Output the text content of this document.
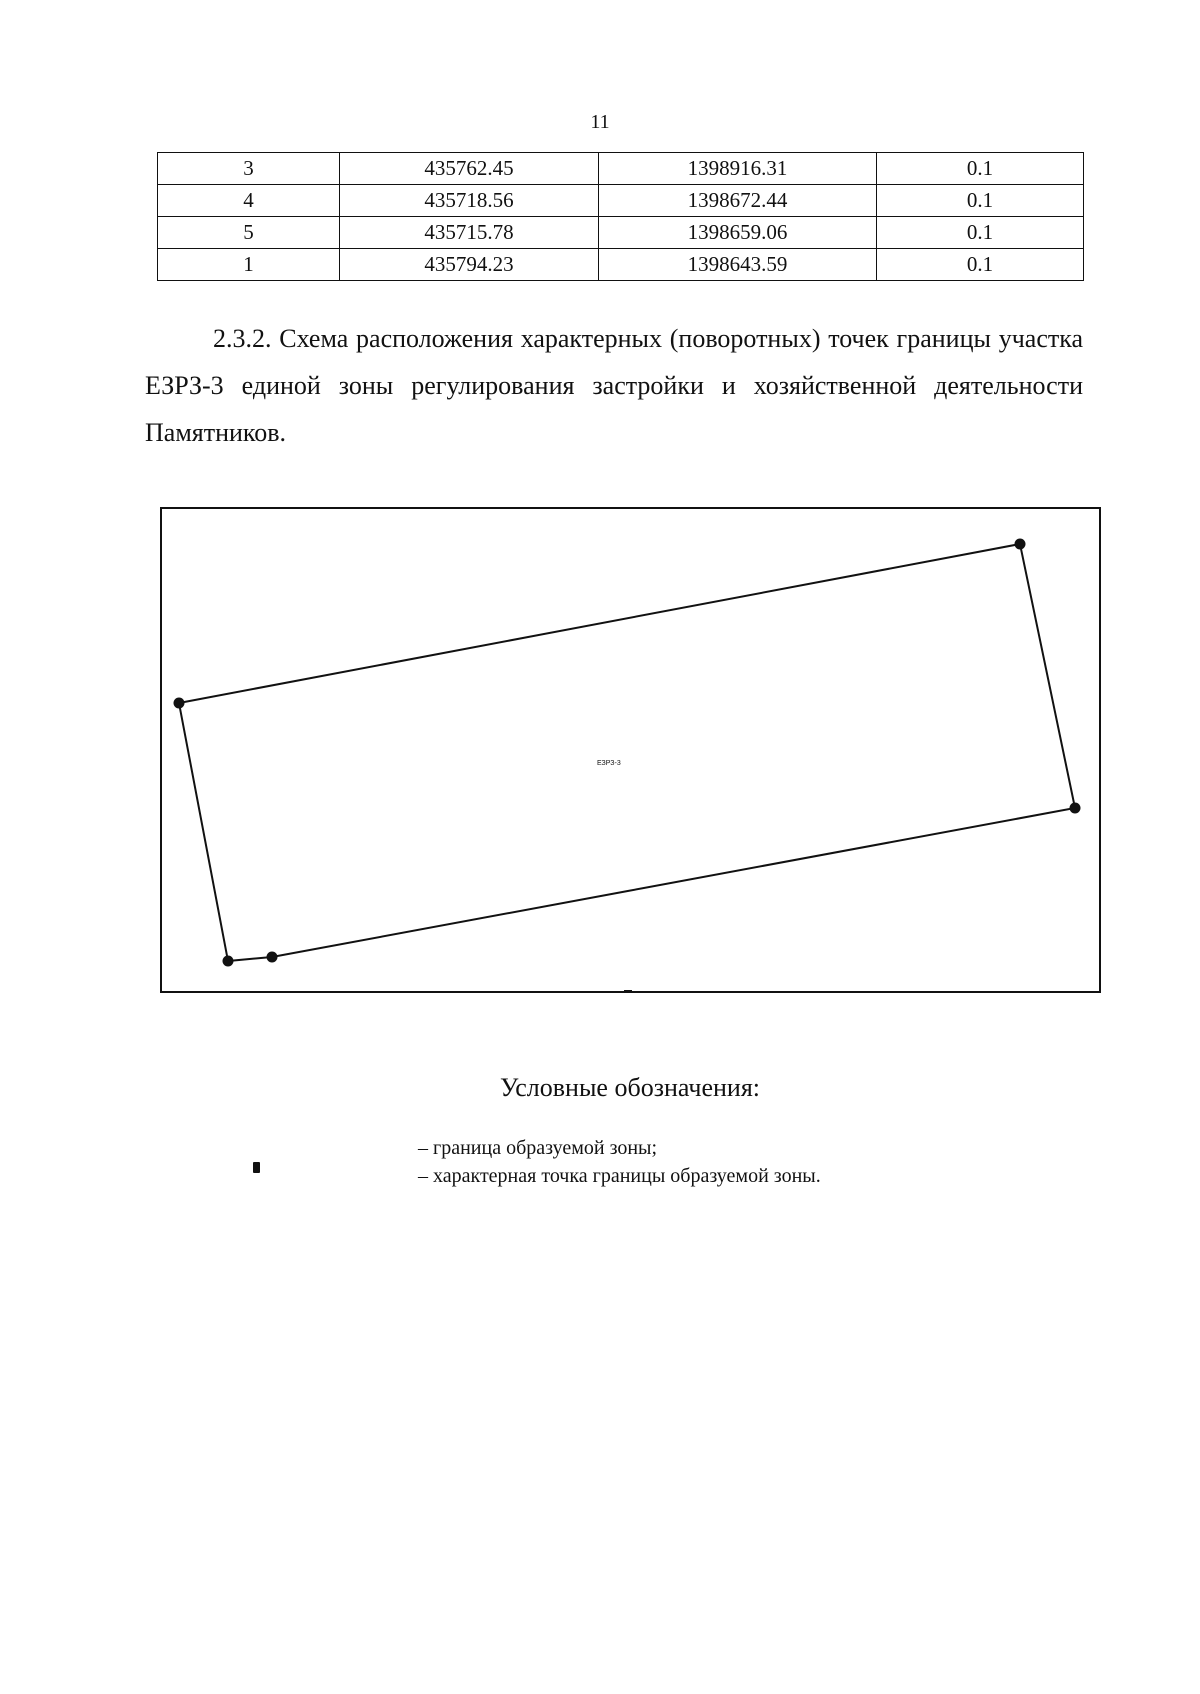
11
3	435762.45	1398916.31	0.1
4	435718.56	1398672.44	0.1
5	435715.78	1398659.06	0.1
1	435794.23	1398643.59	0.1

2.3.2. Схема расположения характерных (поворотных) точек границы участка ЕЗРЗ-3 единой зоны регулирования застройки и хозяйственной деятельности Памятников.

ЕЗРЗ-3
Условные обозначения:
– граница образуемой зоны;
– характерная точка границы образуемой зоны.
